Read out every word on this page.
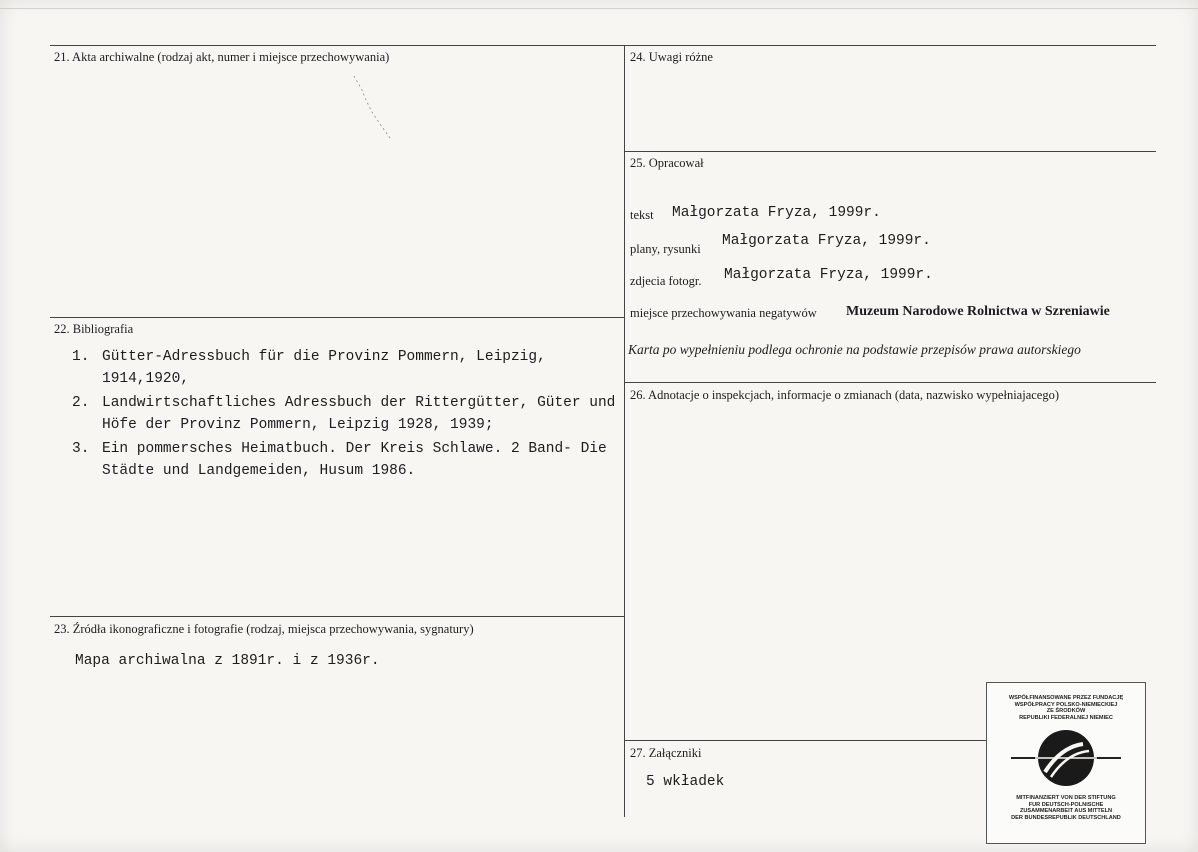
21. Akta archiwalne (rodzaj akt, numer i miejsce przechowywania)
22. Bibliografia
1. Gütter-Adressbuch für die Provinz Pommern, Leipzig, 1914,1920,
2. Landwirtschaftliches Adressbuch der Rittergütter, Güter und Höfe der Provinz Pommern, Leipzig 1928, 1939;
3. Ein pommersches Heimatbuch. Der Kreis Schlawe. 2 Band- Die Städte und Landgemeiden, Husum 1986.
23. Źródła ikonograficzne i fotografie (rodzaj, miejsca przechowywania, sygnatury)
Mapa archiwalna z 1891r. i z 1936r.
24. Uwagi różne
25. Opracował
tekst Małgorzata Fryza, 1999r.
plany, rysunki Małgorzata Fryza, 1999r.
zdjecia fotogr. Małgorzata Fryza, 1999r.
miejsce przechowywania negatywów Muzeum Narodowe Rolnictwa w Szreniawie
Karta po wypełnieniu podlega ochronie na podstawie przepisów prawa autorskiego
26. Adnotacje o inspekcjach, informacje o zmianach (data, nazwisko wypełniajacego)
27. Załączniki
5 wkładek
WSPÓŁFINANSOWANE PRZEZ FUNDACJĘ
WSPÓŁPRACY POLSKO-NIEMIECKIEJ
ZE ŚRODKÓW
REPUBLIKI FEDERALNEJ NIEMIEC
MITFINANZIERT VON DER STIFTUNG
FUR DEUTSCH-POLNISCHE
ZUSAMMENARBEIT AUS MITTELN
DER BUNDESREPUBLIK DEUTSCHLAND
